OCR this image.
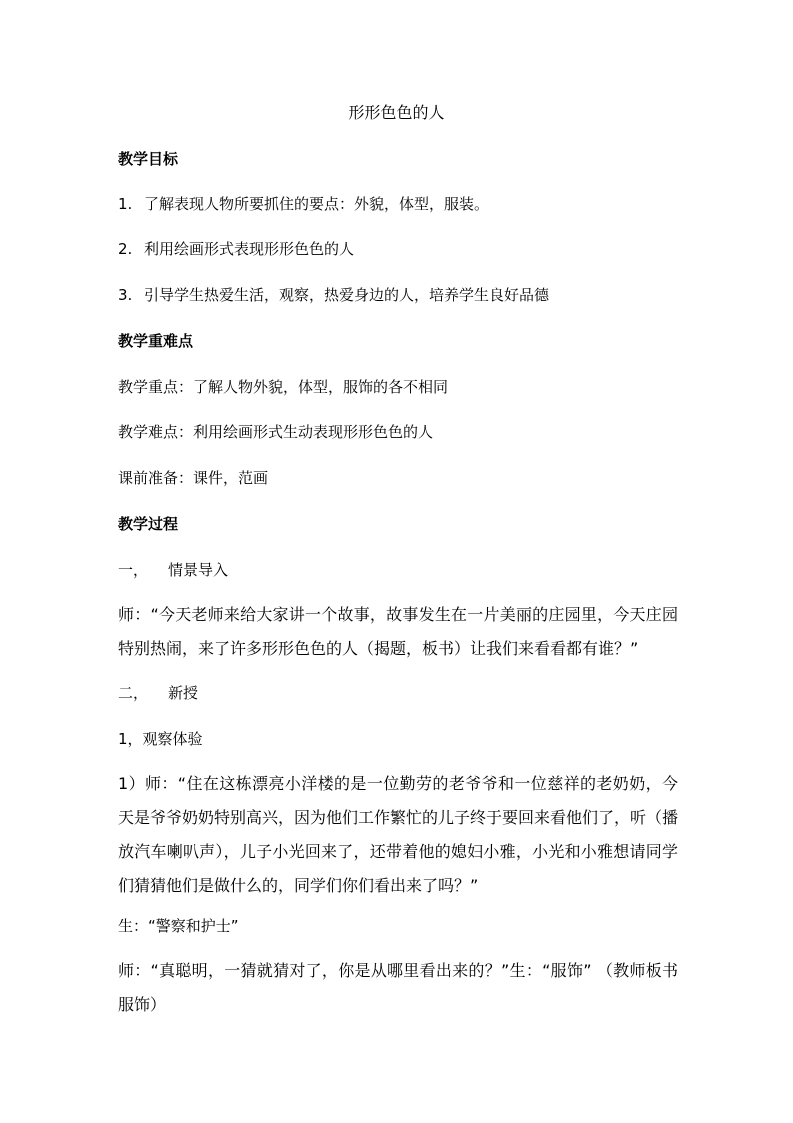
形形色色的人
教学目标
1. 了解表现人物所要抓住的要点：外貌，体型，服装。
2. 利用绘画形式表现形形色色的人
3. 引导学生热爱生活，观察，热爱身边的人，培养学生良好品德
教学重难点
教学重点：了解人物外貌，体型，服饰的各不相同
教学难点：利用绘画形式生动表现形形色色的人
课前准备：课件，范画
教学过程
一， 情景导入
师：“今天老师来给大家讲一个故事，故事发生在一片美丽的庄园里，今天庄园特别热闹，来了许多形形色色的人（揭题，板书）让我们来看看都有谁？”
二， 新授
1，观察体验
1）师：“住在这栋漂亮小洋楼的是一位勤劳的老爷爷和一位慈祥的老奶奶，今天是爷爷奶奶特别高兴，因为他们工作繁忙的儿子终于要回来看他们了，听（播放汽车喇叭声），儿子小光回来了，还带着他的媳妇小雅，小光和小雅想请同学们猜猜他们是做什么的，同学们你们看出来了吗？”
生：“警察和护士”
师：“真聪明，一猜就猜对了，你是从哪里看出来的？”生：“服饰” （教师板书服饰）
